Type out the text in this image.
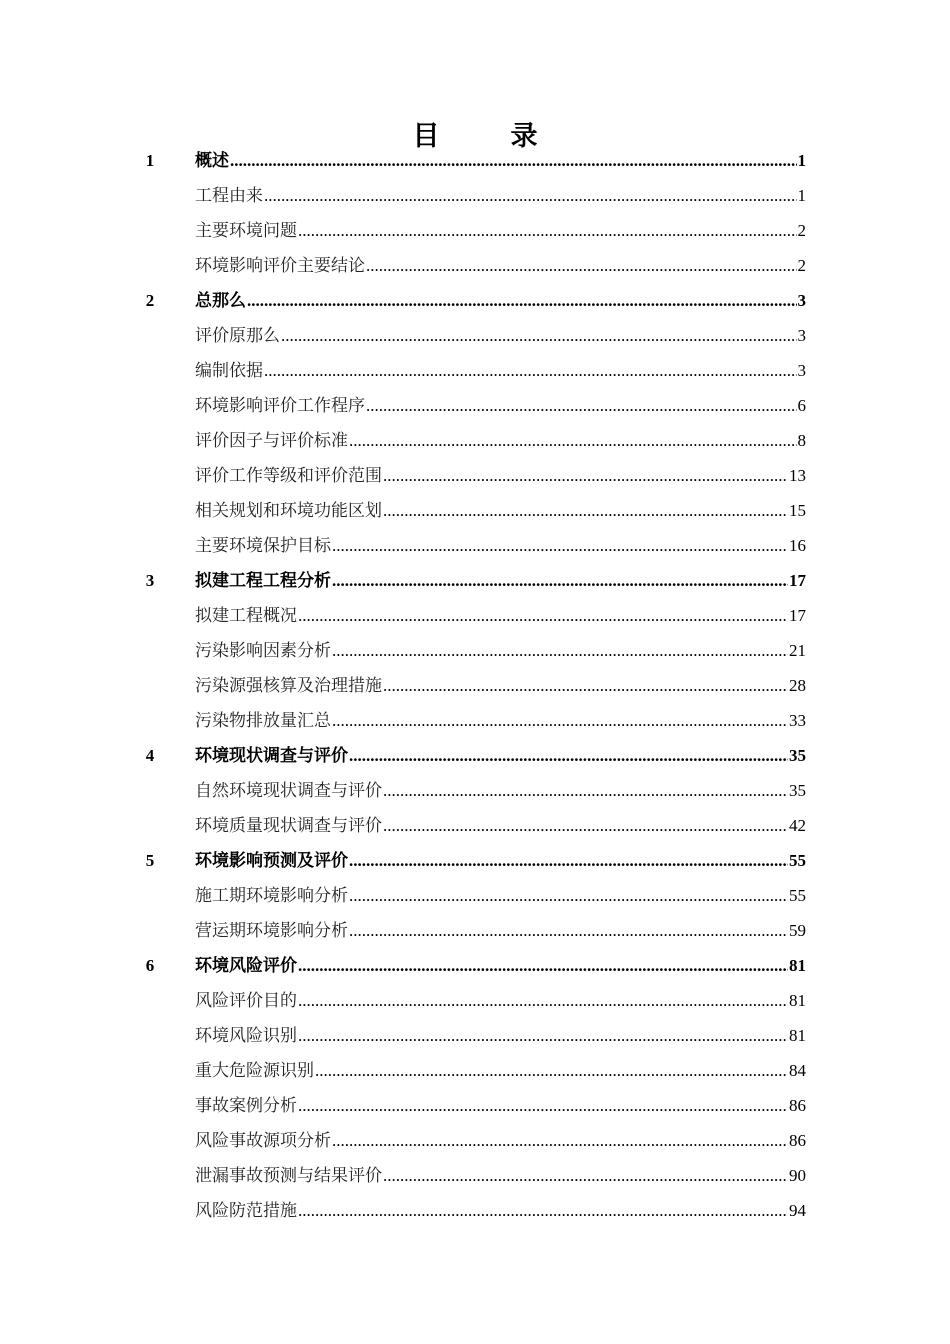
目　录
1	概述 .....	1
工程由来 .....	1
主要环境问题 .....	2
环境影响评价主要结论 .....	2
2	总那么 .....	3
评价原那么 .....	3
编制依据 .....	3
环境影响评价工作程序 .....	6
评价因子与评价标准 .....	8
评价工作等级和评价范围 .....	13
相关规划和环境功能区划 .....	15
主要环境保护目标 .....	16
3	拟建工程工程分析 .....	17
拟建工程概况 .....	17
污染影响因素分析 .....	21
污染源强核算及治理措施 .....	28
污染物排放量汇总 .....	33
4	环境现状调查与评价 .....	35
自然环境现状调查与评价 .....	35
环境质量现状调查与评价 .....	42
5	环境影响预测及评价 .....	55
施工期环境影响分析 .....	55
营运期环境影响分析 .....	59
6	环境风险评价 .....	81
风险评价目的 .....	81
环境风险识别 .....	81
重大危险源识别 .....	84
事故案例分析 .....	86
风险事故源项分析 .....	86
泄漏事故预测与结果评价 .....	90
风险防范措施 .....	94
